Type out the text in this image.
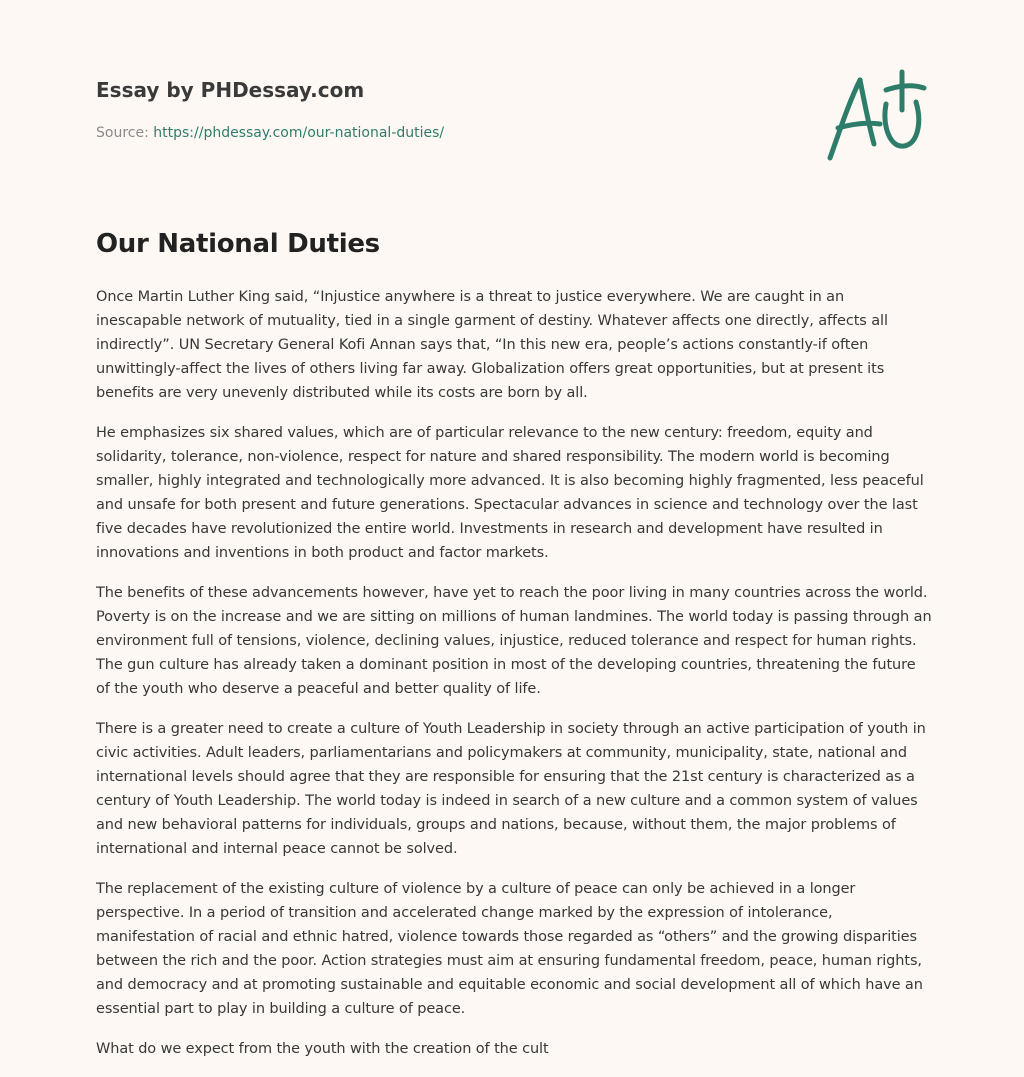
Essay by PHDessay.com
Source: https://phdessay.com/our-national-duties/
Our National Duties

Once Martin Luther King said, “Injustice anywhere is a threat to justice everywhere. We are caught in an inescapable network of mutuality, tied in a single garment of destiny. Whatever affects one directly, affects all indirectly”. UN Secretary General Kofi Annan says that, “In this new era, people’s actions constantly-if often unwittingly-affect the lives of others living far away. Globalization offers great opportunities, but at present its benefits are very unevenly distributed while its costs are born by all.

He emphasizes six shared values, which are of particular relevance to the new century: freedom, equity and solidarity, tolerance, non-violence, respect for nature and shared responsibility. The modern world is becoming smaller, highly integrated and technologically more advanced. It is also becoming highly fragmented, less peaceful and unsafe for both present and future generations. Spectacular advances in science and technology over the last five decades have revolutionized the entire world. Investments in research and development have resulted in innovations and inventions in both product and factor markets.

The benefits of these advancements however, have yet to reach the poor living in many countries across the world. Poverty is on the increase and we are sitting on millions of human landmines. The world today is passing through an environment full of tensions, violence, declining values, injustice, reduced tolerance and respect for human rights. The gun culture has already taken a dominant position in most of the developing countries, threatening the future of the youth who deserve a peaceful and better quality of life.

There is a greater need to create a culture of Youth Leadership in society through an active participation of youth in civic activities. Adult leaders, parliamentarians and policymakers at community, municipality, state, national and international levels should agree that they are responsible for ensuring that the 21st century is characterized as a century of Youth Leadership. The world today is indeed in search of a new culture and a common system of values and new behavioral patterns for individuals, groups and nations, because, without them, the major problems of international and internal peace cannot be solved.

The replacement of the existing culture of violence by a culture of peace can only be achieved in a longer perspective. In a period of transition and accelerated change marked by the expression of intolerance, manifestation of racial and ethnic hatred, violence towards those regarded as “others” and the growing disparities between the rich and the poor. Action strategies must aim at ensuring fundamental freedom, peace, human rights, and democracy and at promoting sustainable and equitable economic and social development all of which have an essential part to play in building a culture of peace.

What do we expect from the youth with the creation of the cult
